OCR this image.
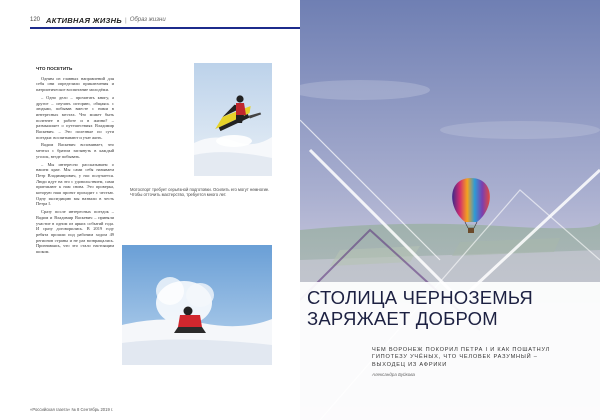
120 АКТИВНАЯ ЖИЗНЬ | Образ жизни
ЧТО ПОСЕТИТЬ

Одним из главных направлений для себя они определили приключения и патриотическое воспитание молодёжи.

– Одно дело – прочитать книгу, а другое – изучать историю, общаясь с людьми, побывав вместе с ними в интересных местах. Что может быть полезнее в работе и в жизни? – размышляет о путешествиях Владимир Васкевич. – Это полезные по сути поездки: воспитывают и учат жить.

Вадим Васкевич вспоминает, что мечтал с братом заглянуть в каждый уголок, везде побывать.

– Мы интересно рассказываем о нашем крае. Мы сами себя называем Петр Владимирович, у нас получается. Люди идут на это с удовольствием, сами приезжают к нам снова. Это проверка, которую наш проект проходит с честью. Одну экспедицию мы назвали в честь Петра I.

Сразу после интересных поездок – Вадим и Владимир Васкевич – приняли участие в одном из ярких событий года. И сразу договорились. В 2019 году ребята прошли под рабочим ходом 49 регионов страны и не раз возвращались. Признаваясь, что это стало настоящим шоком.

Мотоспорт требует серьёзной подготовки. Осилить его могут немногие. Чтобы отточить мастерство, требуется много лет.
«Российская газета» № 8 Сентябрь 2019 г.
СТОЛИЦА ЧЕРНОЗЕМЬЯ
ЗАРЯЖАЕТ ДОБРОМ
ЧЕМ ВОРОНЕЖ ПОКОРИЛ ПЕТРА I И КАК ПОШАТНУЛ ГИПОТЕЗУ УЧЁНЫХ, ЧТО ЧЕЛОВЕК РАЗУМНЫЙ – ВЫХОДЕЦ ИЗ АФРИКИ
Александра Буйкова
